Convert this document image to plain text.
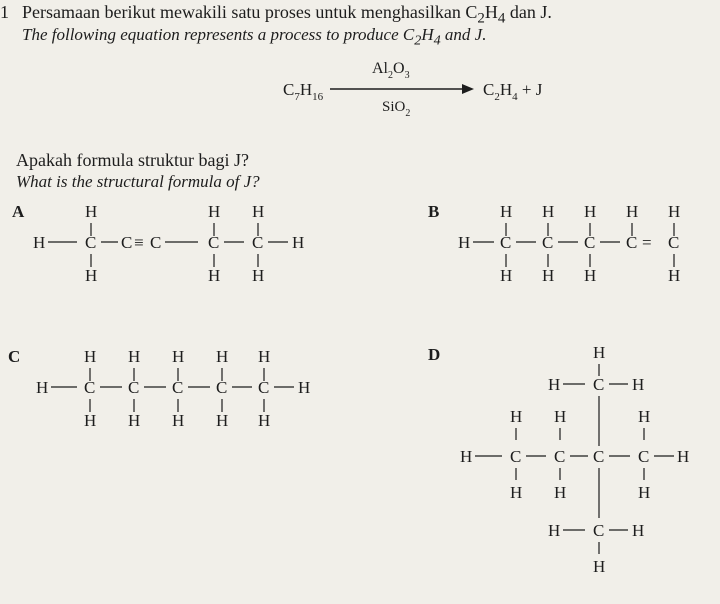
1 Persamaan berikut mewakili satu proses untuk menghasilkan $C_2H_4$ dan J.
The following equation represents a process to produce $C_2H_4$ and J.
$C_7H_{16}$
$Al_2O_3$
SiO$_2$
$C_2H_4 + J$
Apakah formula struktur bagi J?
What is the structural formula of J?
A	H
H C
H
C ≡ C
H
C
H
H
C
H
H
B
H
H
C
H
H
C
H
H
C
H
H
C =
H
C
H
C
H
H
C
H
H
C
H
H
C
H
H
C
H
H
C
H
H
D	H
H C H
H H	H
H C C C C H
H H	H
H C H
H
